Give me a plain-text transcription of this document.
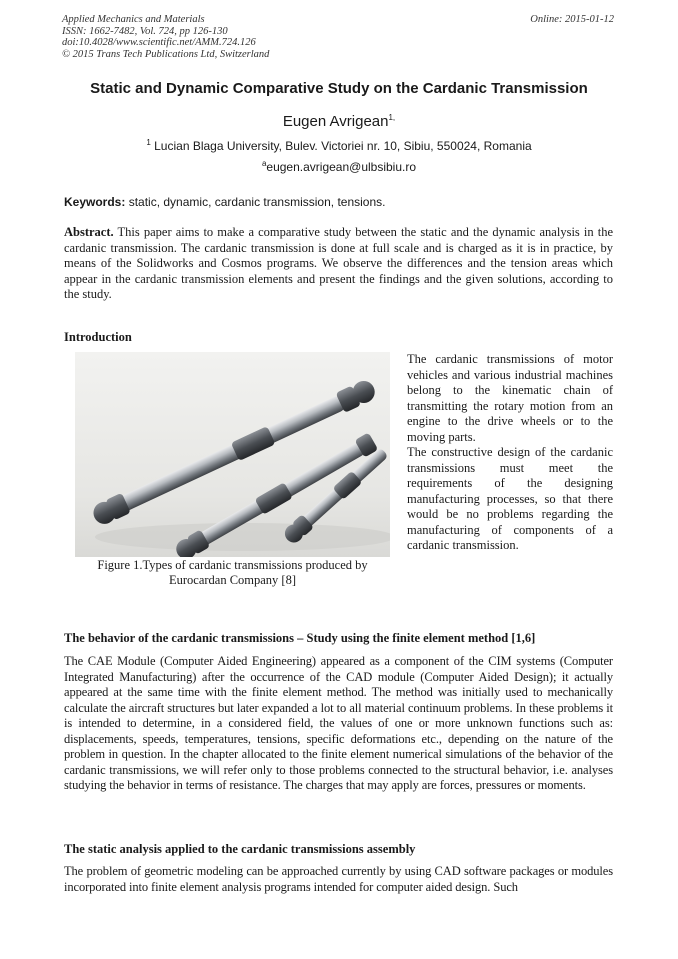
Applied Mechanics and Materials
ISSN: 1662-7482, Vol. 724, pp 126-130
doi:10.4028/www.scientific.net/AMM.724.126
© 2015 Trans Tech Publications Ltd, Switzerland
Online: 2015-01-12
Static and Dynamic Comparative Study on the Cardanic Transmission
Eugen Avrigean$^{1,}$
$^1$ Lucian Blaga University, Bulev. Victoriei nr. 10, Sibiu, 550024, Romania
$^a$eugen.avrigean@ulbsibiu.ro
Keywords: static, dynamic, cardanic transmission, tensions.
Abstract. This paper aims to make a comparative study between the static and the dynamic analysis in the cardanic transmission. The cardanic transmission is done at full scale and is charged as it is in practice, by means of the Solidworks and Cosmos programs. We observe the differences and the tension areas which appear in the cardanic transmission elements and present the findings and the given solutions, according to the study.
Introduction
Figure 1.Types of cardanic transmissions produced by Eurocardan Company [8]

The cardanic transmissions of motor vehicles and various industrial machines belong to the kinematic chain of transmitting the rotary motion from an engine to the drive wheels or to the moving parts.

The constructive design of the cardanic transmissions must meet the requirements of the designing manufacturing processes, so that there would be no problems regarding the manufacturing of components of a cardanic transmission.

The behavior of the cardanic transmissions – Study using the finite element method [1,6]
The CAE Module (Computer Aided Engineering) appeared as a component of the CIM systems (Computer Integrated Manufacturing) after the occurrence of the CAD module (Computer Aided Design); it actually appeared at the same time with the finite element method. The method was initially used to mechanically calculate the aircraft structures but later expanded a lot to all material continuum problems. In these problems it is intended to determine, in a considered field, the values of one or more unknown functions such as: displacements, speeds, temperatures, tensions, specific deformations etc., depending on the nature of the problem in question. In the chapter allocated to the finite element numerical simulations of the behavior of the cardanic transmissions, we will refer only to those problems connected to the structural behavior, i.e. analyses studying the behavior in terms of resistance. The charges that may apply are forces, pressures or moments.
The static analysis applied to the cardanic transmissions assembly
The problem of geometric modeling can be approached currently by using CAD software packages or modules incorporated into finite element analysis programs intended for computer aided design. Such
